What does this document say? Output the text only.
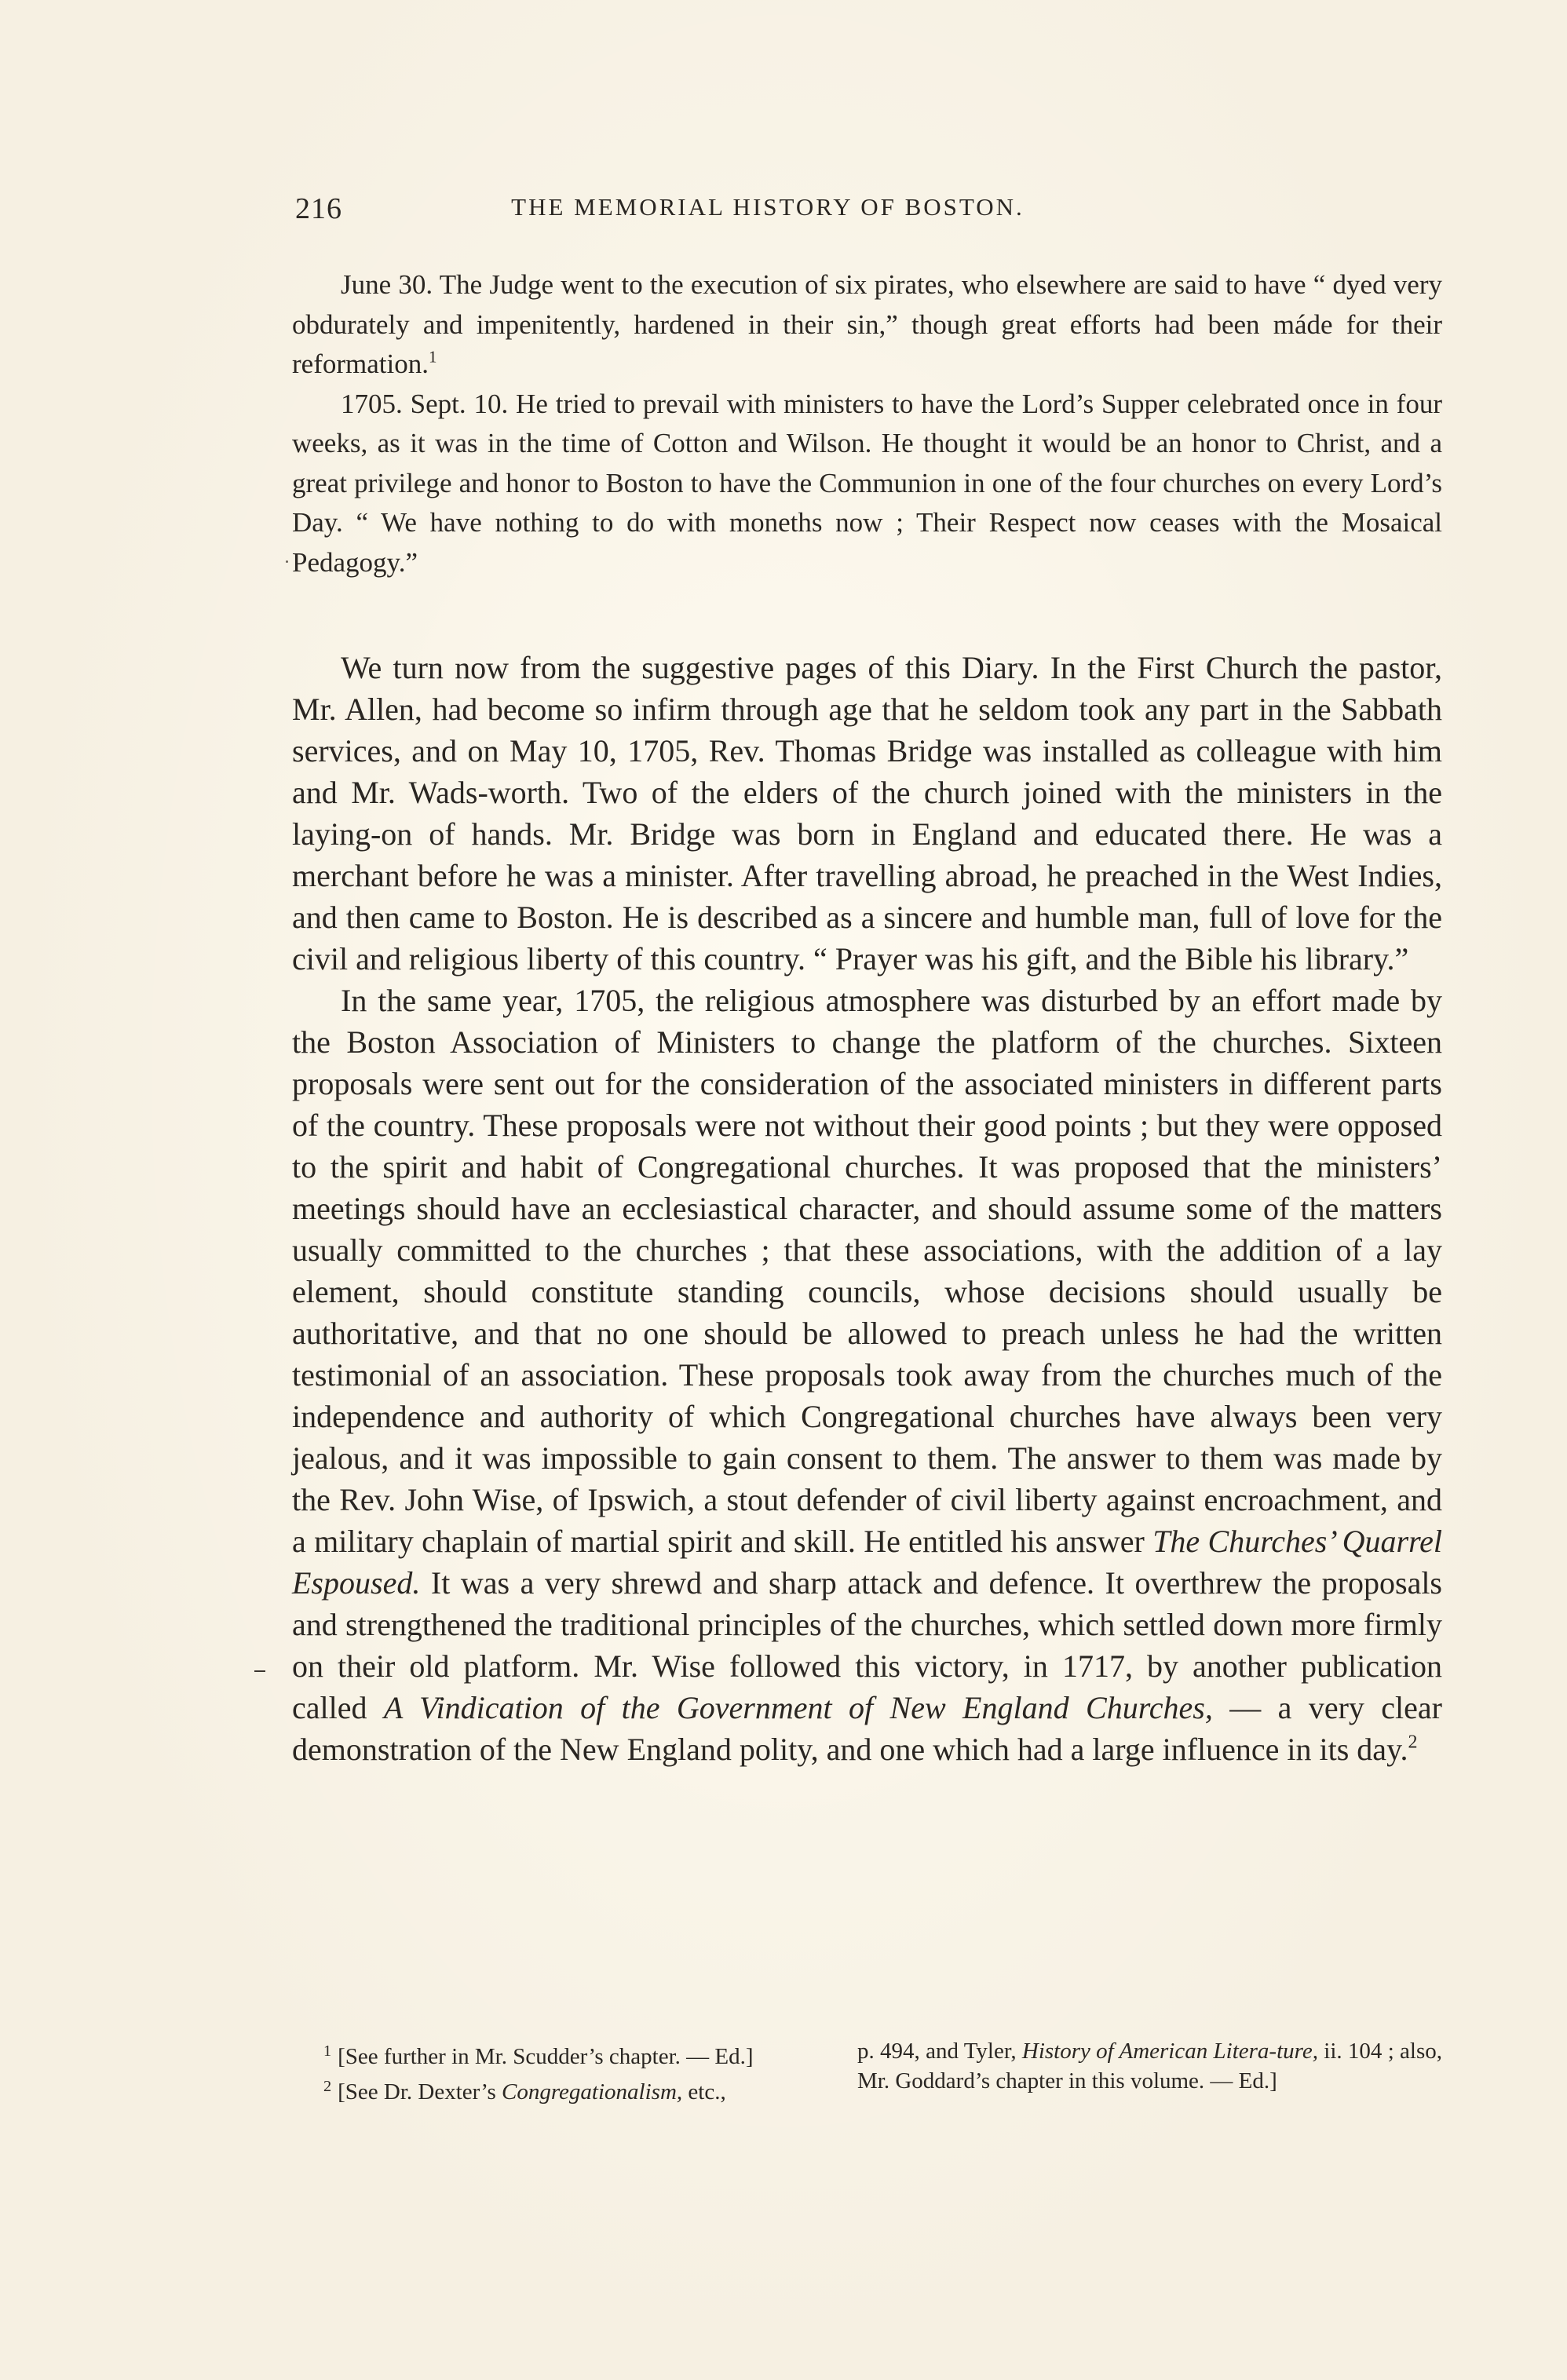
216	THE MEMORIAL HISTORY OF BOSTON.

June 30. The Judge went to the execution of six pirates, who elsewhere are said to have “ dyed very obdurately and impenitently, hardened in their sin,” though great efforts had been máde for their reformation.$^1$

1705. Sept. 10. He tried to prevail with ministers to have the Lord’s Supper celebrated once in four weeks, as it was in the time of Cotton and Wilson. He thought it would be an honor to Christ, and a great privilege and honor to Boston to have the Communion in one of the four churches on every Lord’s Day. “ We have nothing to do with moneths now ; Their Respect now ceases with the Mosaical Pedagogy.”

We turn now from the suggestive pages of this Diary. In the First Church the pastor, Mr. Allen, had become so infirm through age that he seldom took any part in the Sabbath services, and on May 10, 1705, Rev. Thomas Bridge was installed as colleague with him and Mr. Wads-worth. Two of the elders of the church joined with the ministers in the laying-on of hands. Mr. Bridge was born in England and educated there. He was a merchant before he was a minister. After travelling abroad, he preached in the West Indies, and then came to Boston. He is described as a sincere and humble man, full of love for the civil and religious liberty of this country. “ Prayer was his gift, and the Bible his library.”

In the same year, 1705, the religious atmosphere was disturbed by an effort made by the Boston Association of Ministers to change the platform of the churches. Sixteen proposals were sent out for the consideration of the associated ministers in different parts of the country. These proposals were not without their good points ; but they were opposed to the spirit and habit of Congregational churches. It was proposed that the ministers’ meetings should have an ecclesiastical character, and should assume some of the matters usually committed to the churches ; that these associations, with the addition of a lay element, should constitute standing councils, whose decisions should usually be authoritative, and that no one should be allowed to preach unless he had the written testimonial of an association. These proposals took away from the churches much of the independence and authority of which Congregational churches have always been very jealous, and it was impossible to gain consent to them. The answer to them was made by the Rev. John Wise, of Ipswich, a stout defender of civil liberty against encroachment, and a military chaplain of martial spirit and skill. He entitled his answer The Churches’ Quarrel Espoused. It was a very shrewd and sharp attack and defence. It overthrew the proposals and strengthened the traditional principles of the churches, which settled down more firmly on their old platform. Mr. Wise followed this victory, in 1717, by another publication called A Vindication of the Government of New England Churches, — a very clear demonstration of the New England polity, and one which had a large influence in its day.$^2$

$^1$ [See further in Mr. Scudder’s chapter. — Ed.]

$^2$ [See Dr. Dexter’s Congregationalism, etc.,

p. 494, and Tyler, History of American Litera-ture, ii. 104 ; also, Mr. Goddard’s chapter in this volume. — Ed.]
